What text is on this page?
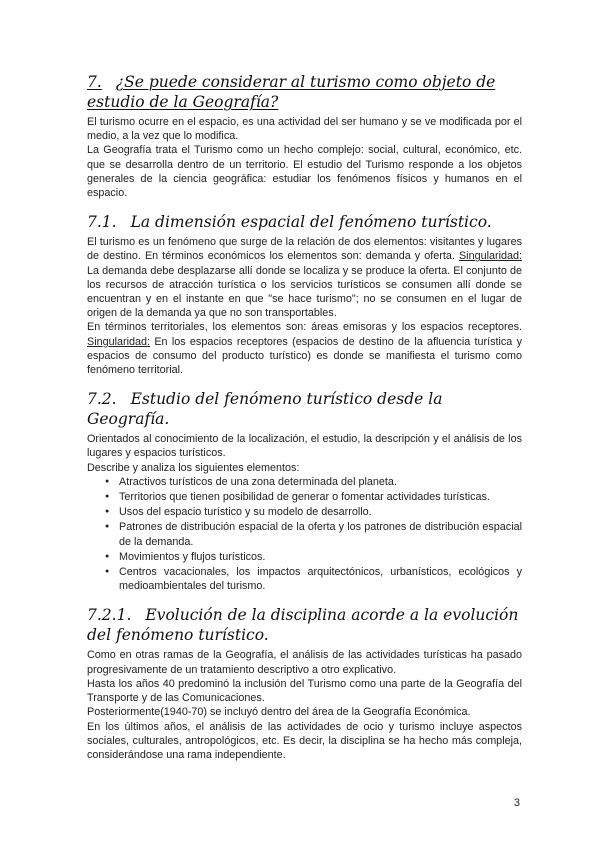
7. ¿Se puede considerar al turismo como objeto de estudio de la Geografía?

El turismo ocurre en el espacio, es una actividad del ser humano y se ve modificada por el medio, a la vez que lo modifica.

La Geografía trata el Turismo como un hecho complejo: social, cultural, económico, etc. que se desarrolla dentro de un territorio. El estudio del Turismo responde a los objetos generales de la ciencia geográfica: estudiar los fenómenos físicos y humanos en el espacio.

7.1. La dimensión espacial del fenómeno turístico.

El turismo es un fenómeno que surge de la relación de dos elementos: visitantes y lugares de destino. En términos económicos los elementos son: demanda y oferta. Singularidad: La demanda debe desplazarse allí donde se localiza y se produce la oferta. El conjunto de los recursos de atracción turística o los servicios turísticos se consumen allí donde se encuentran y en el instante en que "se hace turismo"; no se consumen en el lugar de origen de la demanda ya que no son transportables.

En términos territoriales, los elementos son: áreas emisoras y los espacios receptores. Singularidad: En los espacios receptores (espacios de destino de la afluencia turística y espacios de consumo del producto turístico) es donde se manifiesta el turismo como fenómeno territorial.

7.2. Estudio del fenómeno turístico desde la Geografía.

Orientados al conocimiento de la localización, el estudio, la descripción y el análisis de los lugares y espacios turísticos.

Describe y analiza los siguientes elementos:

● Atractivos turísticos de una zona determinada del planeta.
● Territorios que tienen posibilidad de generar o fomentar actividades turísticas.
● Usos del espacio turístico y su modelo de desarrollo.
● Patrones de distribución espacial de la oferta y los patrones de distribución espacial de la demanda.
● Movimientos y flujos turísticos.
● Centros vacacionales, los impactos arquitectónicos, urbanísticos, ecológicos y medioambientales del turismo.
7.2.1. Evolución de la disciplina acorde a la evolución del fenómeno turístico.

Como en otras ramas de la Geografía, el análisis de las actividades turísticas ha pasado progresivamente de un tratamiento descriptivo a otro explicativo.

Hasta los años 40 predominó la inclusión del Turismo como una parte de la Geografía del Transporte y de las Comunicaciones.

Posteriormente(1940-70) se incluyó dentro del área de la Geografía Económica.

En los últimos años, el análisis de las actividades de ocio y turismo incluye aspectos sociales, culturales, antropológicos, etc. Es decir, la disciplina se ha hecho más compleja, considerándose una rama independiente.

3
